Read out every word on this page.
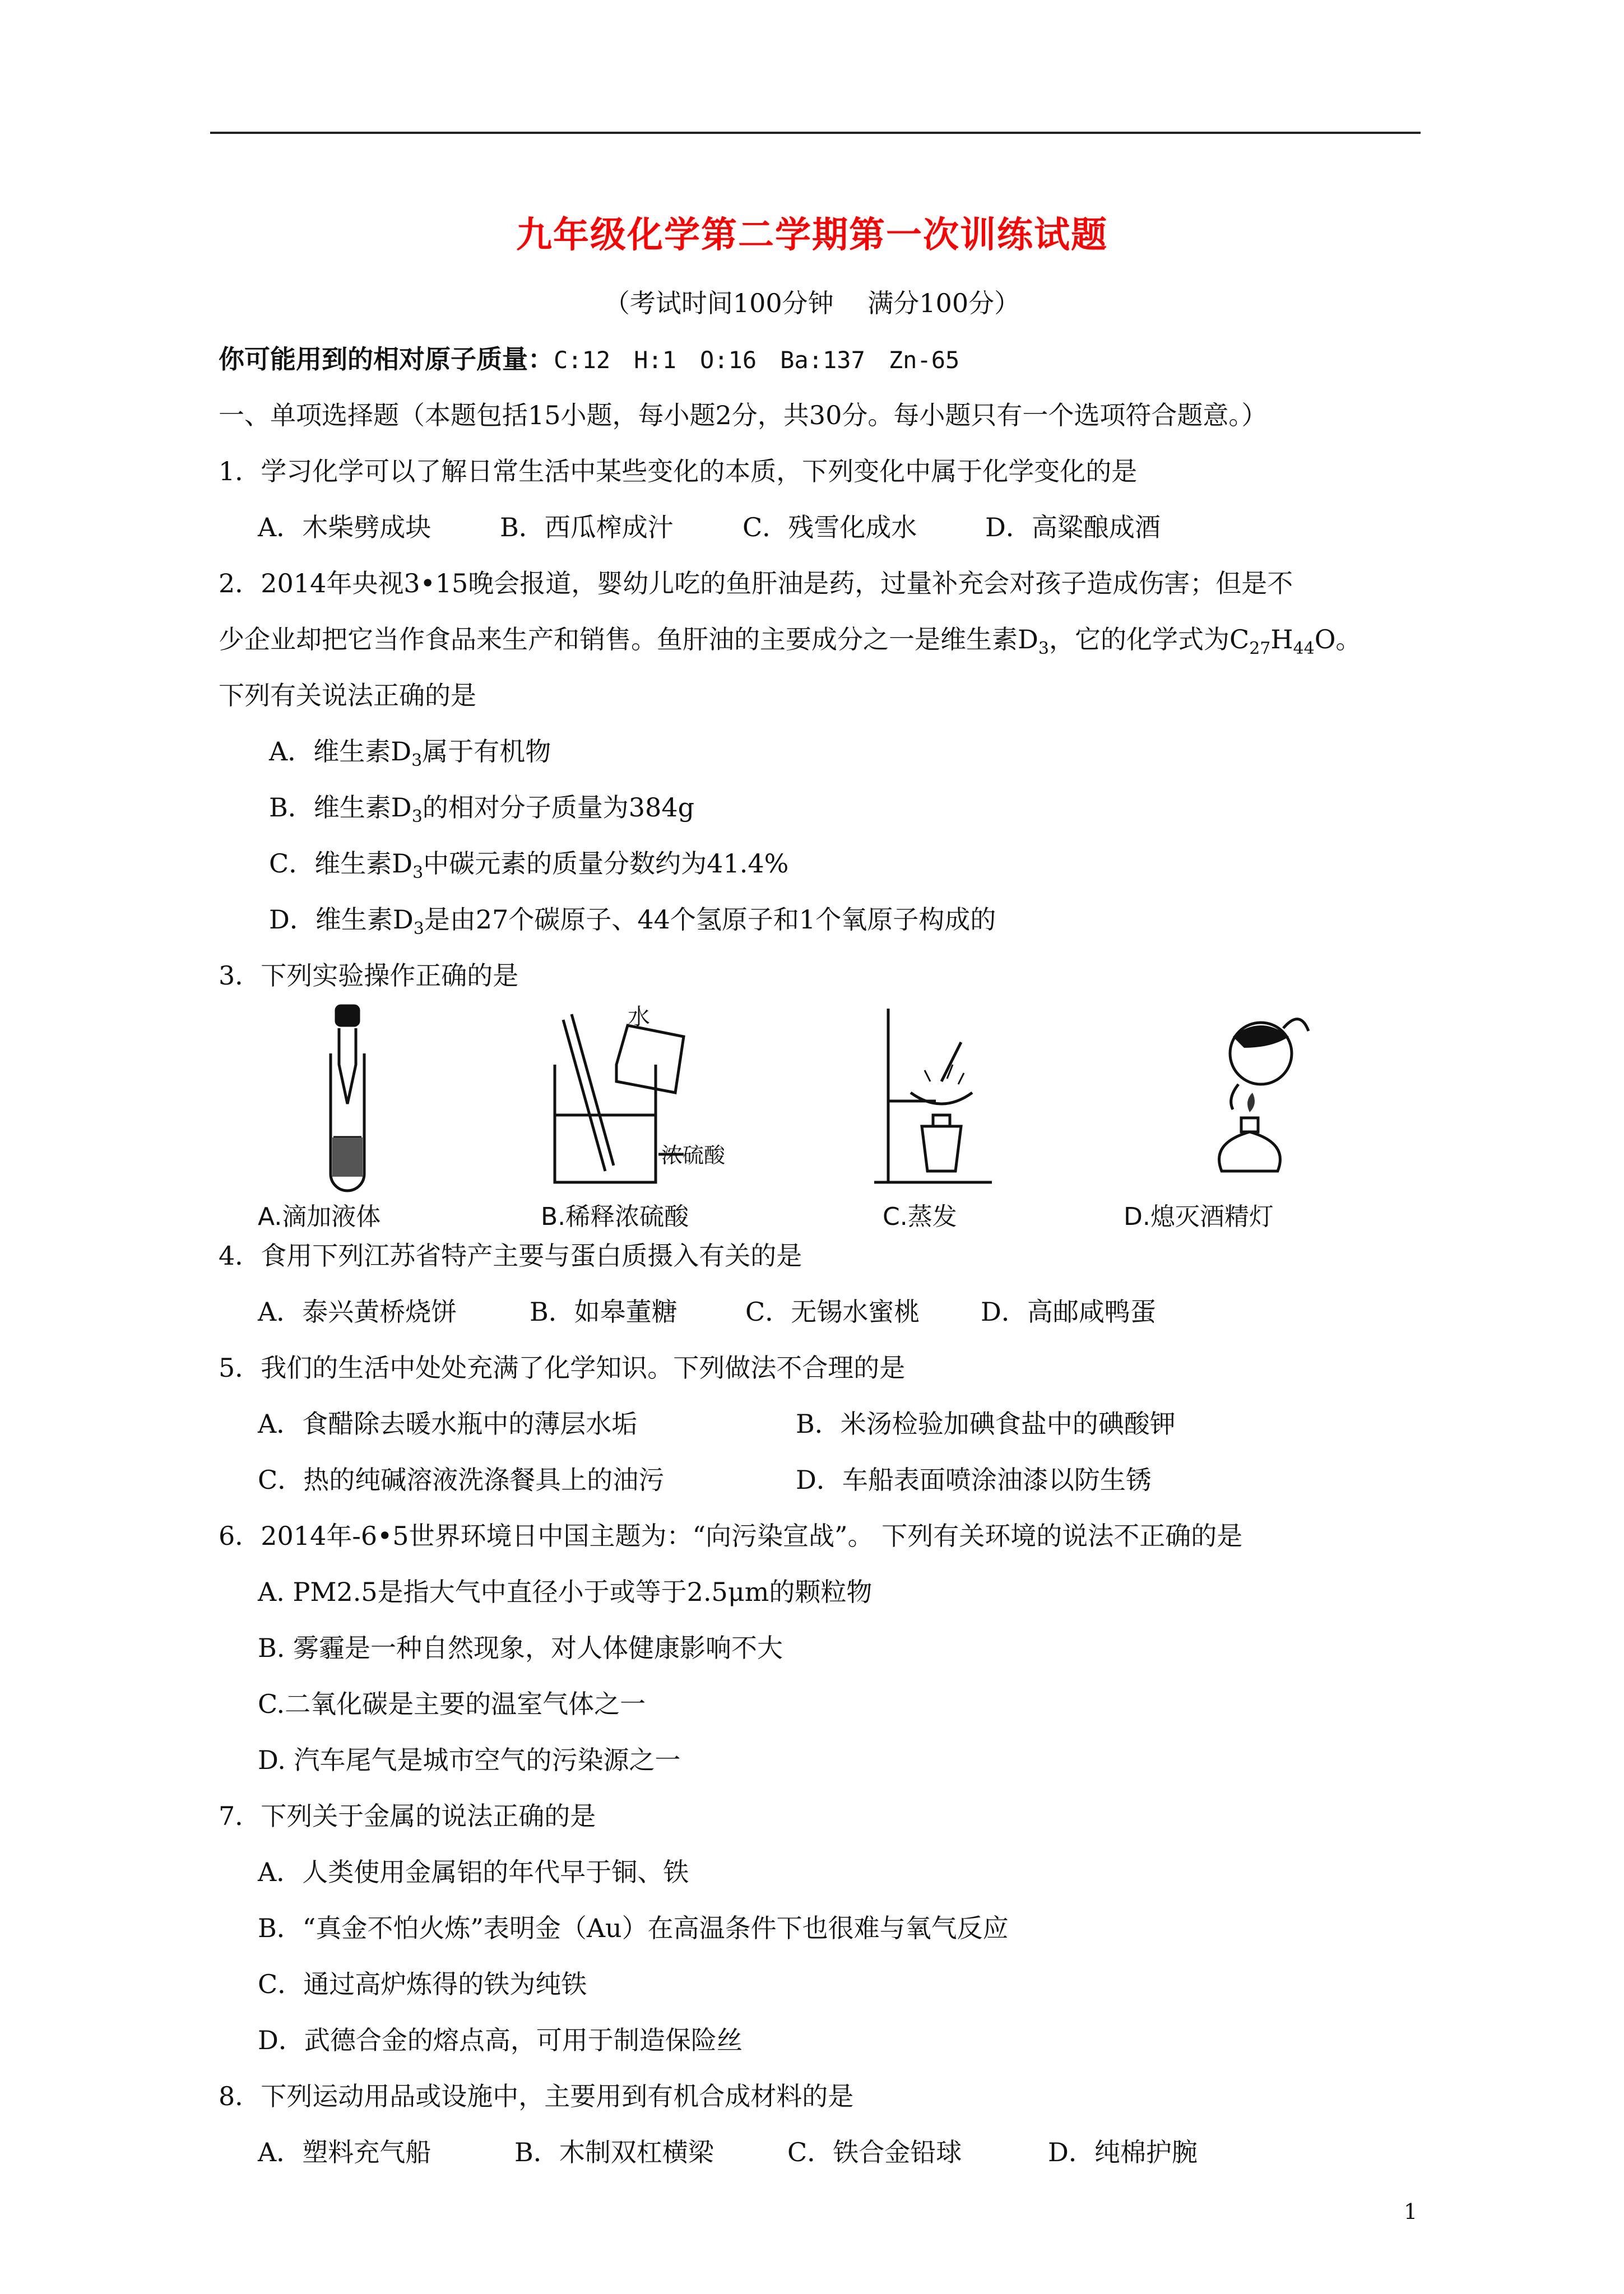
九年级化学第二学期第一次训练试题
（考试时间100分钟　 满分100分）
你可能用到的相对原子质量：C:12　H:1　O:16　Ba:137　Zn-65
一、单项选择题（本题包括15小题，每小题2分，共30分。每小题只有一个选项符合题意。）
1．学习化学可以了解日常生活中某些变化的本质，下列变化中属于化学变化的是
A．木柴劈成块	B．西瓜榨成汁	C．残雪化成水	D．高粱酿成酒
2．2014年央视3•15晚会报道，婴幼儿吃的鱼肝油是药，过量补充会对孩子造成伤害；但是不
少企业却把它当作食品来生产和销售。鱼肝油的主要成分之一是维生素$D_3$，它的化学式为$C_{27}H_{44}O$。
下列有关说法正确的是
A．维生素$D_3$属于有机物
B．维生素$D_3$的相对分子质量为384g
C．维生素$D_3$中碳元素的质量分数约为41.4%
D．维生素$D_3$是由27个碳原子、44个氢原子和1个氧原子构成的
3．下列实验操作正确的是
A.滴加液体
水
浓硫酸
B.稀释浓硫酸	C.蒸发	D.熄灭酒精灯
4．食用下列江苏省特产主要与蛋白质摄入有关的是
A．泰兴黄桥烧饼	B．如皋董糖	C．无锡水蜜桃 D．高邮咸鸭蛋
5．我们的生活中处处充满了化学知识。下列做法不合理的是
A．食醋除去暖水瓶中的薄层水垢	B．米汤检验加碘食盐中的碘酸钾
C．热的纯碱溶液洗涤餐具上的油污	D．车船表面喷涂油漆以防生锈
6．2014年-6•5世界环境日中国主题为：“向污染宣战”。 下列有关环境的说法不正确的是
A. PM2.5是指大气中直径小于或等于2.5μm的颗粒物
B. 雾霾是一种自然现象，对人体健康影响不大
C.二氧化碳是主要的温室气体之一
D. 汽车尾气是城市空气的污染源之一
7．下列关于金属的说法正确的是
A．人类使用金属铝的年代早于铜、铁
B．“真金不怕火炼”表明金（Au）在高温条件下也很难与氧气反应
C．通过高炉炼得的铁为纯铁
D．武德合金的熔点高，可用于制造保险丝
8．下列运动用品或设施中，主要用到有机合成材料的是
A．塑料充气船	B．木制双杠横梁	C．铁合金铅球	D．纯棉护腕
1
